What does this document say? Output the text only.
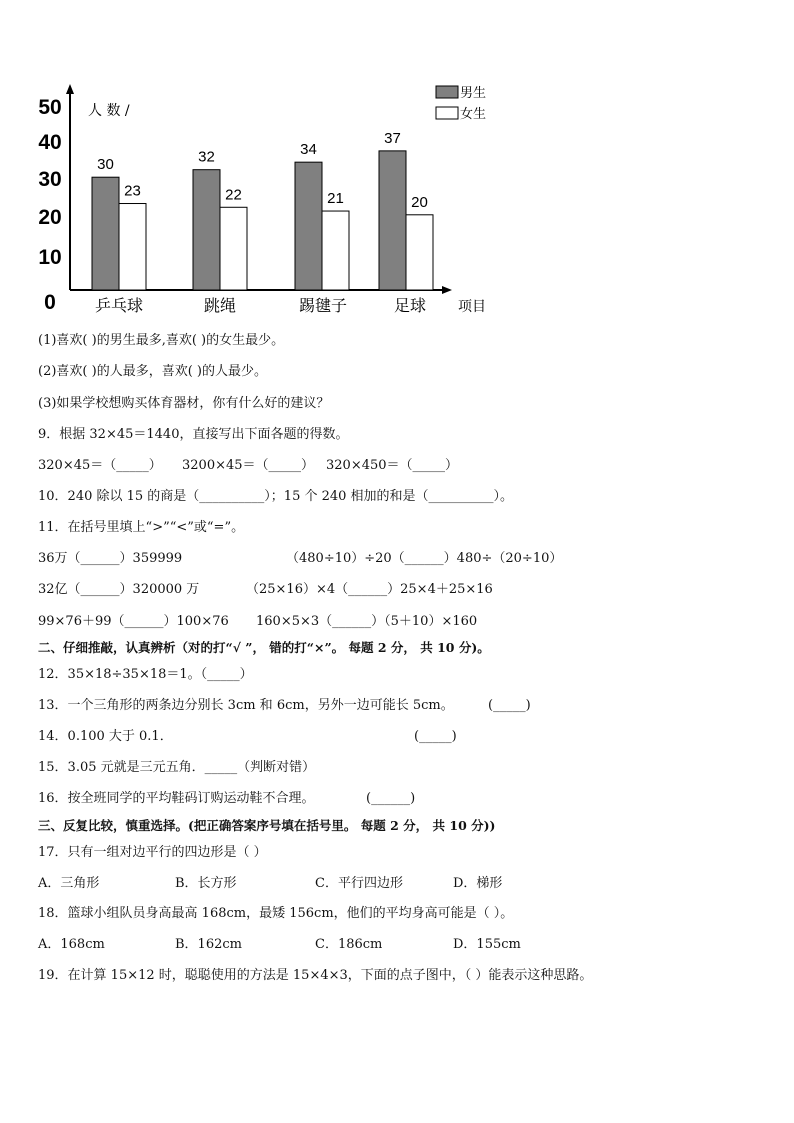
0
10
20
30
40
50 人 数 /
项目
乒乓球	跳绳	踢毽子	足球
男生
女生
30
23
32
22
34
21
37
20
(1)喜欢( )的男生最多,喜欢( )的女生最少。
(2)喜欢( )的人最多，喜欢( )的人最少。
(3)如果学校想购买体育器材，你有什么好的建议？
9．根据 32×45＝1440，直接写出下面各题的得数。
320×45＝（_____） 3200×45＝（_____） 320×450＝（_____）
10．240 除以 15 的商是（__________）；15 个 240 相加的和是（__________）。
11．在括号里填上“>”“<”或“=”。
36万（______）359999	（480÷10）÷20（______）480÷（20÷10）
32亿（______）320000 万	（25×16）×4（______）25×4＋25×16
99×76＋99（______）100×76 160×5×3（______）（5＋10）×160
二、仔细推敲，认真辨析（对的打“√ ”， 错的打“×”。 每题 2 分， 共 10 分)。
12．35×18÷35×18＝1。（_____）
13．一个三角形的两条边分别长 3cm 和 6cm，另外一边可能长 5cm。	(_____)
14．0.100 大于 0.1．	(_____)
15．3.05 元就是三元五角．_____（判断对错）
16．按全班同学的平均鞋码订购运动鞋不合理。	(______)
三、反复比较，慎重选择。(把正确答案序号填在括号里。 每题 2 分， 共 10 分))
17．只有一组对边平行的四边形是（ ）
A．三角形	B．长方形	C．平行四边形	D．梯形
18．篮球小组队员身高最高 168cm，最矮 156cm，他们的平均身高可能是（ ）。
A．168cm	B．162cm	C．186cm	D．155cm
19．在计算 15×12 时，聪聪使用的方法是 15×4×3，下面的点子图中，（ ）能表示这种思路。
